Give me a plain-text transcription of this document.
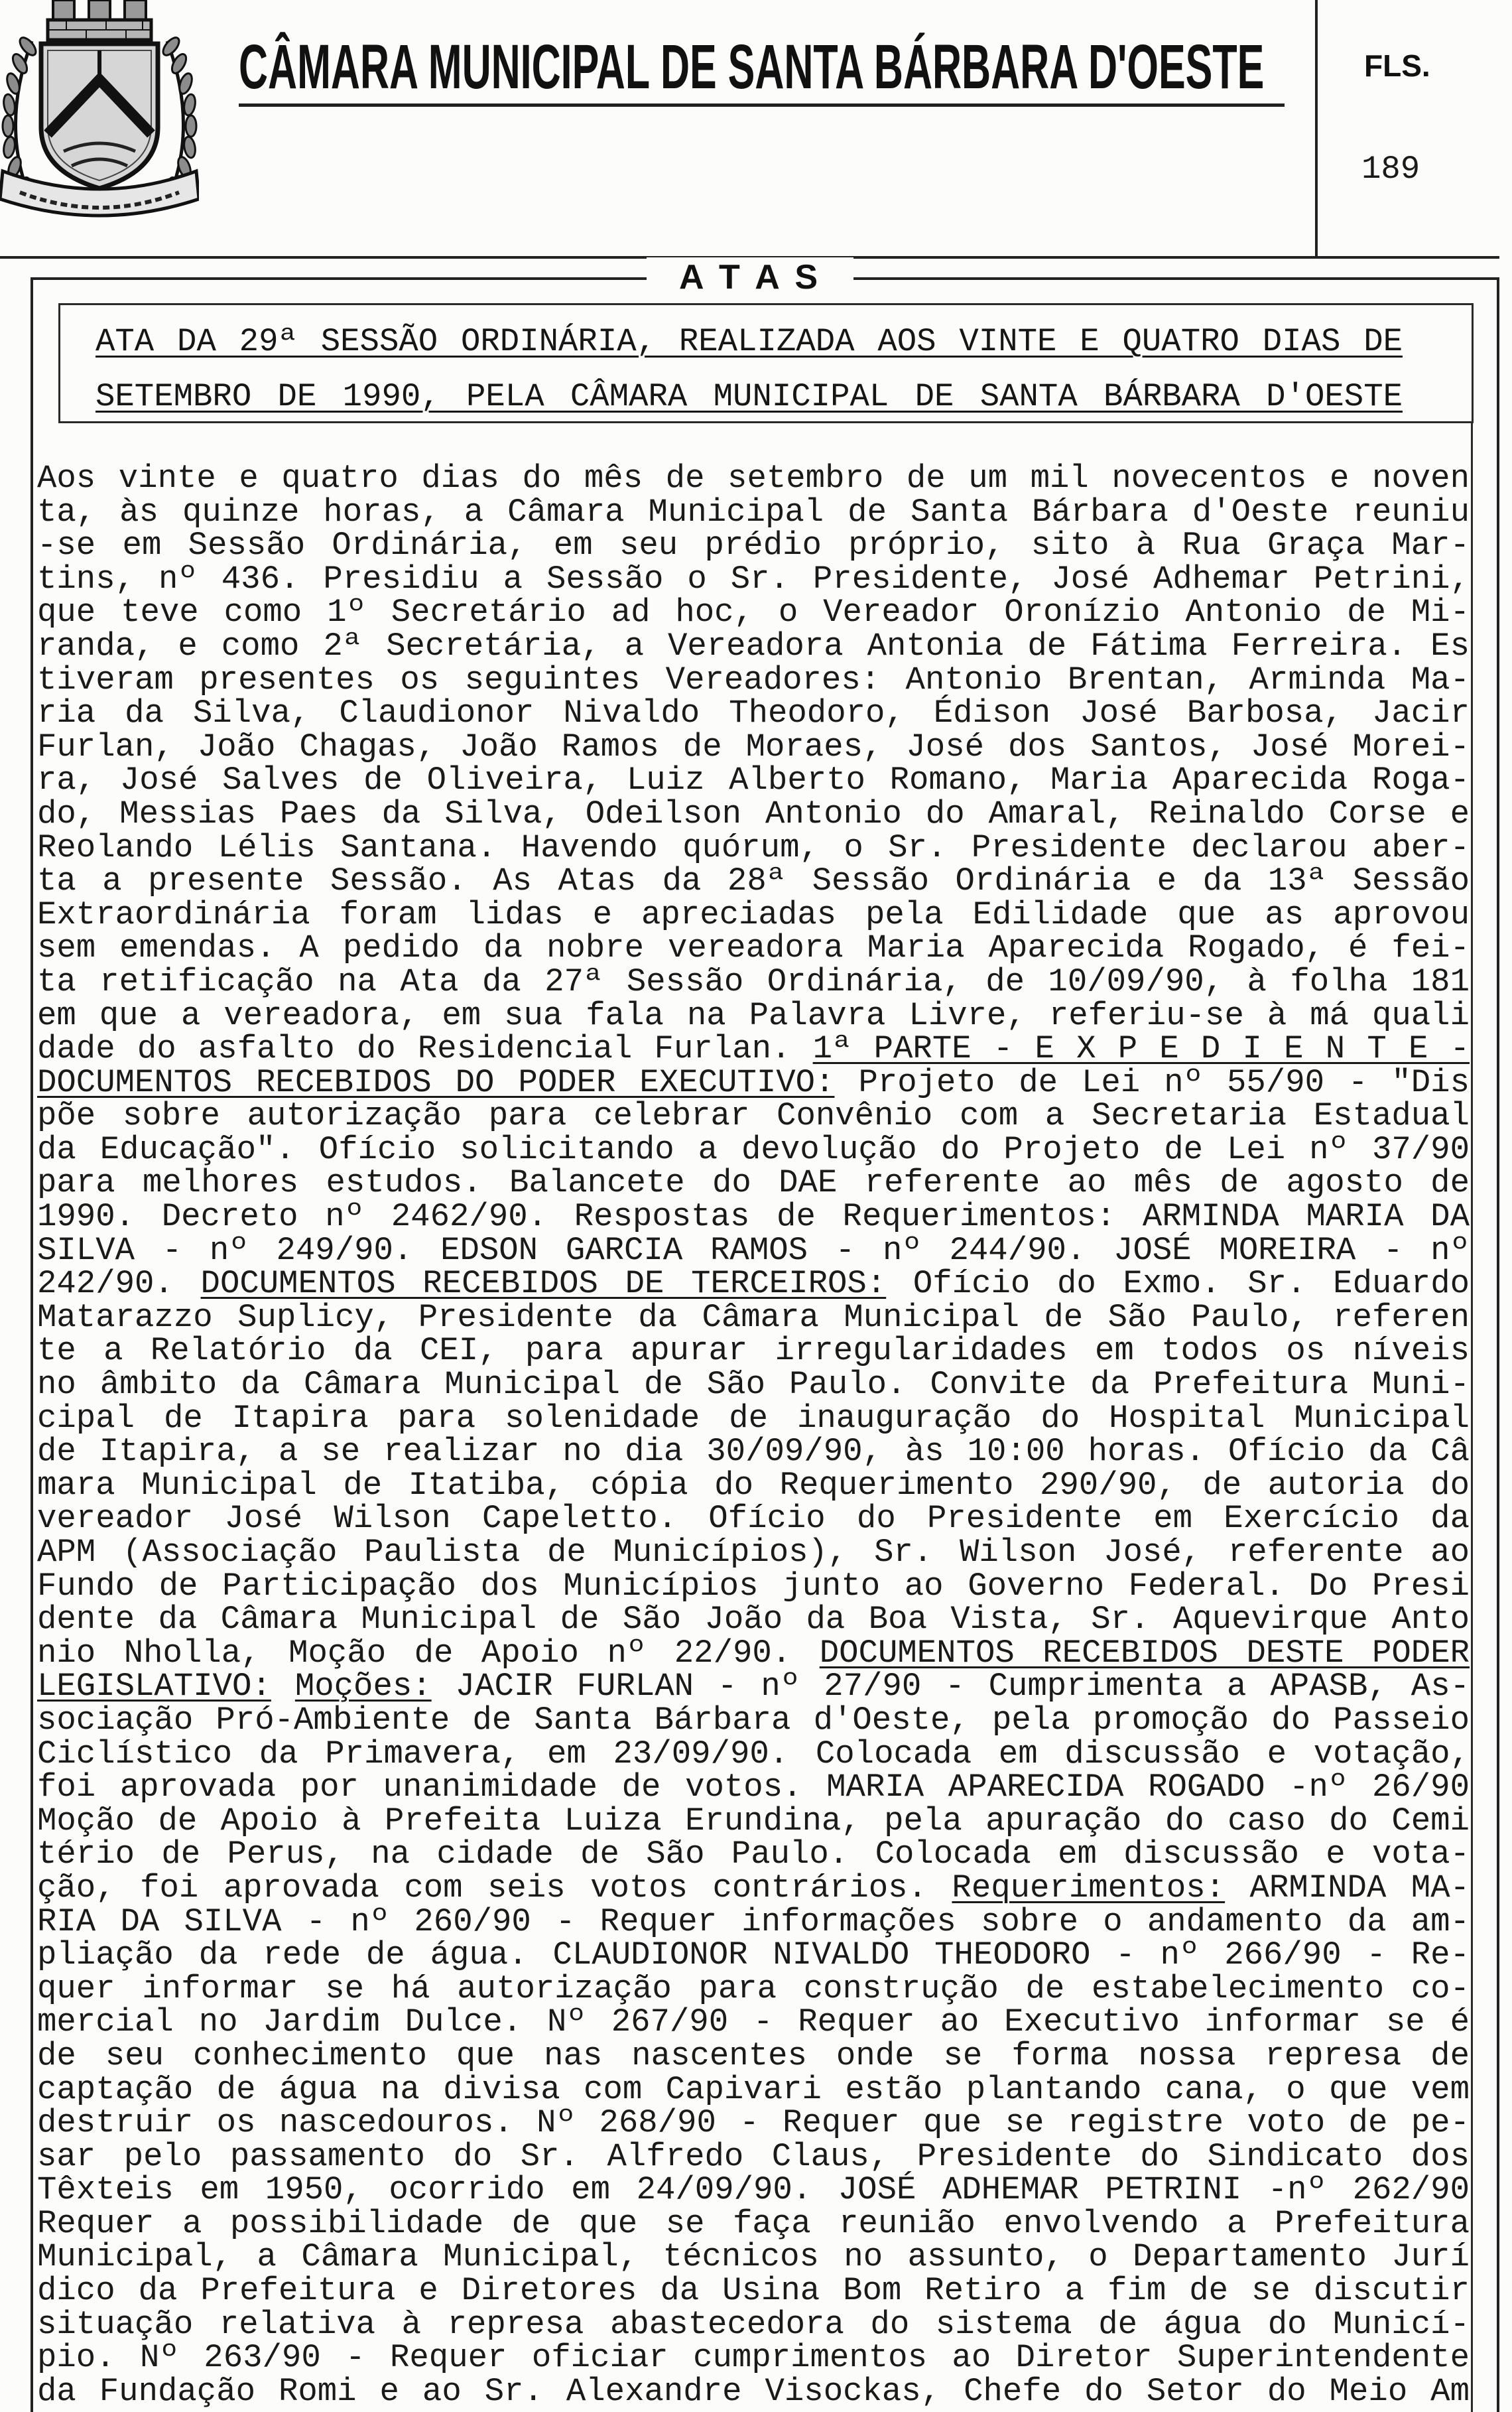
CÂMARA MUNICIPAL DE SANTA BÁRBARA D'OESTE	FLS.
189
A T A S
ATA DA 29ª SESSÃO ORDINÁRIA, REALIZADA AOS VINTE E QUATRO DIAS DE
SETEMBRO DE 1990, PELA CÂMARA MUNICIPAL DE SANTA BÁRBARA D'OESTE
Aos vinte e quatro dias do mês de setembro de um mil novecentos e noven
ta, às quinze horas, a Câmara Municipal de Santa Bárbara d'Oeste reuniu
-se em Sessão Ordinária, em seu prédio próprio, sito à Rua Graça Mar-
tins, nº 436. Presidiu a Sessão o Sr. Presidente, José Adhemar Petrini,
que teve como 1º Secretário ad hoc, o Vereador Oronízio Antonio de Mi-
randa, e como 2ª Secretária, a Vereadora Antonia de Fátima Ferreira. Es
tiveram presentes os seguintes Vereadores: Antonio Brentan, Arminda Ma-
ria da Silva, Claudionor Nivaldo Theodoro, Édison José Barbosa, Jacir
Furlan, João Chagas, João Ramos de Moraes, José dos Santos, José Morei-
ra, José Salves de Oliveira, Luiz Alberto Romano, Maria Aparecida Roga-
do, Messias Paes da Silva, Odeilson Antonio do Amaral, Reinaldo Corse e
Reolando Lélis Santana. Havendo quórum, o Sr. Presidente declarou aber-
ta a presente Sessão. As Atas da 28ª Sessão Ordinária e da 13ª Sessão
Extraordinária foram lidas e apreciadas pela Edilidade que as aprovou
sem emendas. A pedido da nobre vereadora Maria Aparecida Rogado, é fei-
ta retificação na Ata da 27ª Sessão Ordinária, de 10/09/90, à folha 181
em que a vereadora, em sua fala na Palavra Livre, referiu-se à má quali
dade do asfalto do Residencial Furlan. 1ª PARTE - E X P E D I E N T E -
DOCUMENTOS RECEBIDOS DO PODER EXECUTIVO: Projeto de Lei nº 55/90 - "Dis
põe sobre autorização para celebrar Convênio com a Secretaria Estadual
da Educação". Ofício solicitando a devolução do Projeto de Lei nº 37/90
para melhores estudos. Balancete do DAE referente ao mês de agosto de
1990. Decreto nº 2462/90. Respostas de Requerimentos: ARMINDA MARIA DA
SILVA - nº 249/90. EDSON GARCIA RAMOS - nº 244/90. JOSÉ MOREIRA - nº
242/90. DOCUMENTOS RECEBIDOS DE TERCEIROS: Ofício do Exmo. Sr. Eduardo
Matarazzo Suplicy, Presidente da Câmara Municipal de São Paulo, referen
te a Relatório da CEI, para apurar irregularidades em todos os níveis
no âmbito da Câmara Municipal de São Paulo. Convite da Prefeitura Muni-
cipal de Itapira para solenidade de inauguração do Hospital Municipal
de Itapira, a se realizar no dia 30/09/90, às 10:00 horas. Ofício da Câ
mara Municipal de Itatiba, cópia do Requerimento 290/90, de autoria do
vereador José Wilson Capeletto. Ofício do Presidente em Exercício da
APM (Associação Paulista de Municípios), Sr. Wilson José, referente ao
Fundo de Participação dos Municípios junto ao Governo Federal. Do Presi
dente da Câmara Municipal de São João da Boa Vista, Sr. Aquevirque Anto
nio Nholla, Moção de Apoio nº 22/90. DOCUMENTOS RECEBIDOS DESTE PODER
LEGISLATIVO: Moções: JACIR FURLAN - nº 27/90 - Cumprimenta a APASB, As-
sociação Pró-Ambiente de Santa Bárbara d'Oeste, pela promoção do Passeio
Ciclístico da Primavera, em 23/09/90. Colocada em discussão e votação,
foi aprovada por unanimidade de votos. MARIA APARECIDA ROGADO -nº 26/90
Moção de Apoio à Prefeita Luiza Erundina, pela apuração do caso do Cemi
tério de Perus, na cidade de São Paulo. Colocada em discussão e vota-
ção, foi aprovada com seis votos contrários. Requerimentos: ARMINDA MA-
RIA DA SILVA - nº 260/90 - Requer informações sobre o andamento da am-
pliação da rede de água. CLAUDIONOR NIVALDO THEODORO - nº 266/90 - Re-
quer informar se há autorização para construção de estabelecimento co-
mercial no Jardim Dulce. Nº 267/90 - Requer ao Executivo informar se é
de seu conhecimento que nas nascentes onde se forma nossa represa de
captação de água na divisa com Capivari estão plantando cana, o que vem
destruir os nascedouros. Nº 268/90 - Requer que se registre voto de pe-
sar pelo passamento do Sr. Alfredo Claus, Presidente do Sindicato dos
Têxteis em 1950, ocorrido em 24/09/90. JOSÉ ADHEMAR PETRINI -nº 262/90
Requer a possibilidade de que se faça reunião envolvendo a Prefeitura
Municipal, a Câmara Municipal, técnicos no assunto, o Departamento Jurí
dico da Prefeitura e Diretores da Usina Bom Retiro a fim de se discutir
situação relativa à represa abastecedora do sistema de água do Municí-
pio. Nº 263/90 - Requer oficiar cumprimentos ao Diretor Superintendente
da Fundação Romi e ao Sr. Alexandre Visockas, Chefe do Setor do Meio Am
